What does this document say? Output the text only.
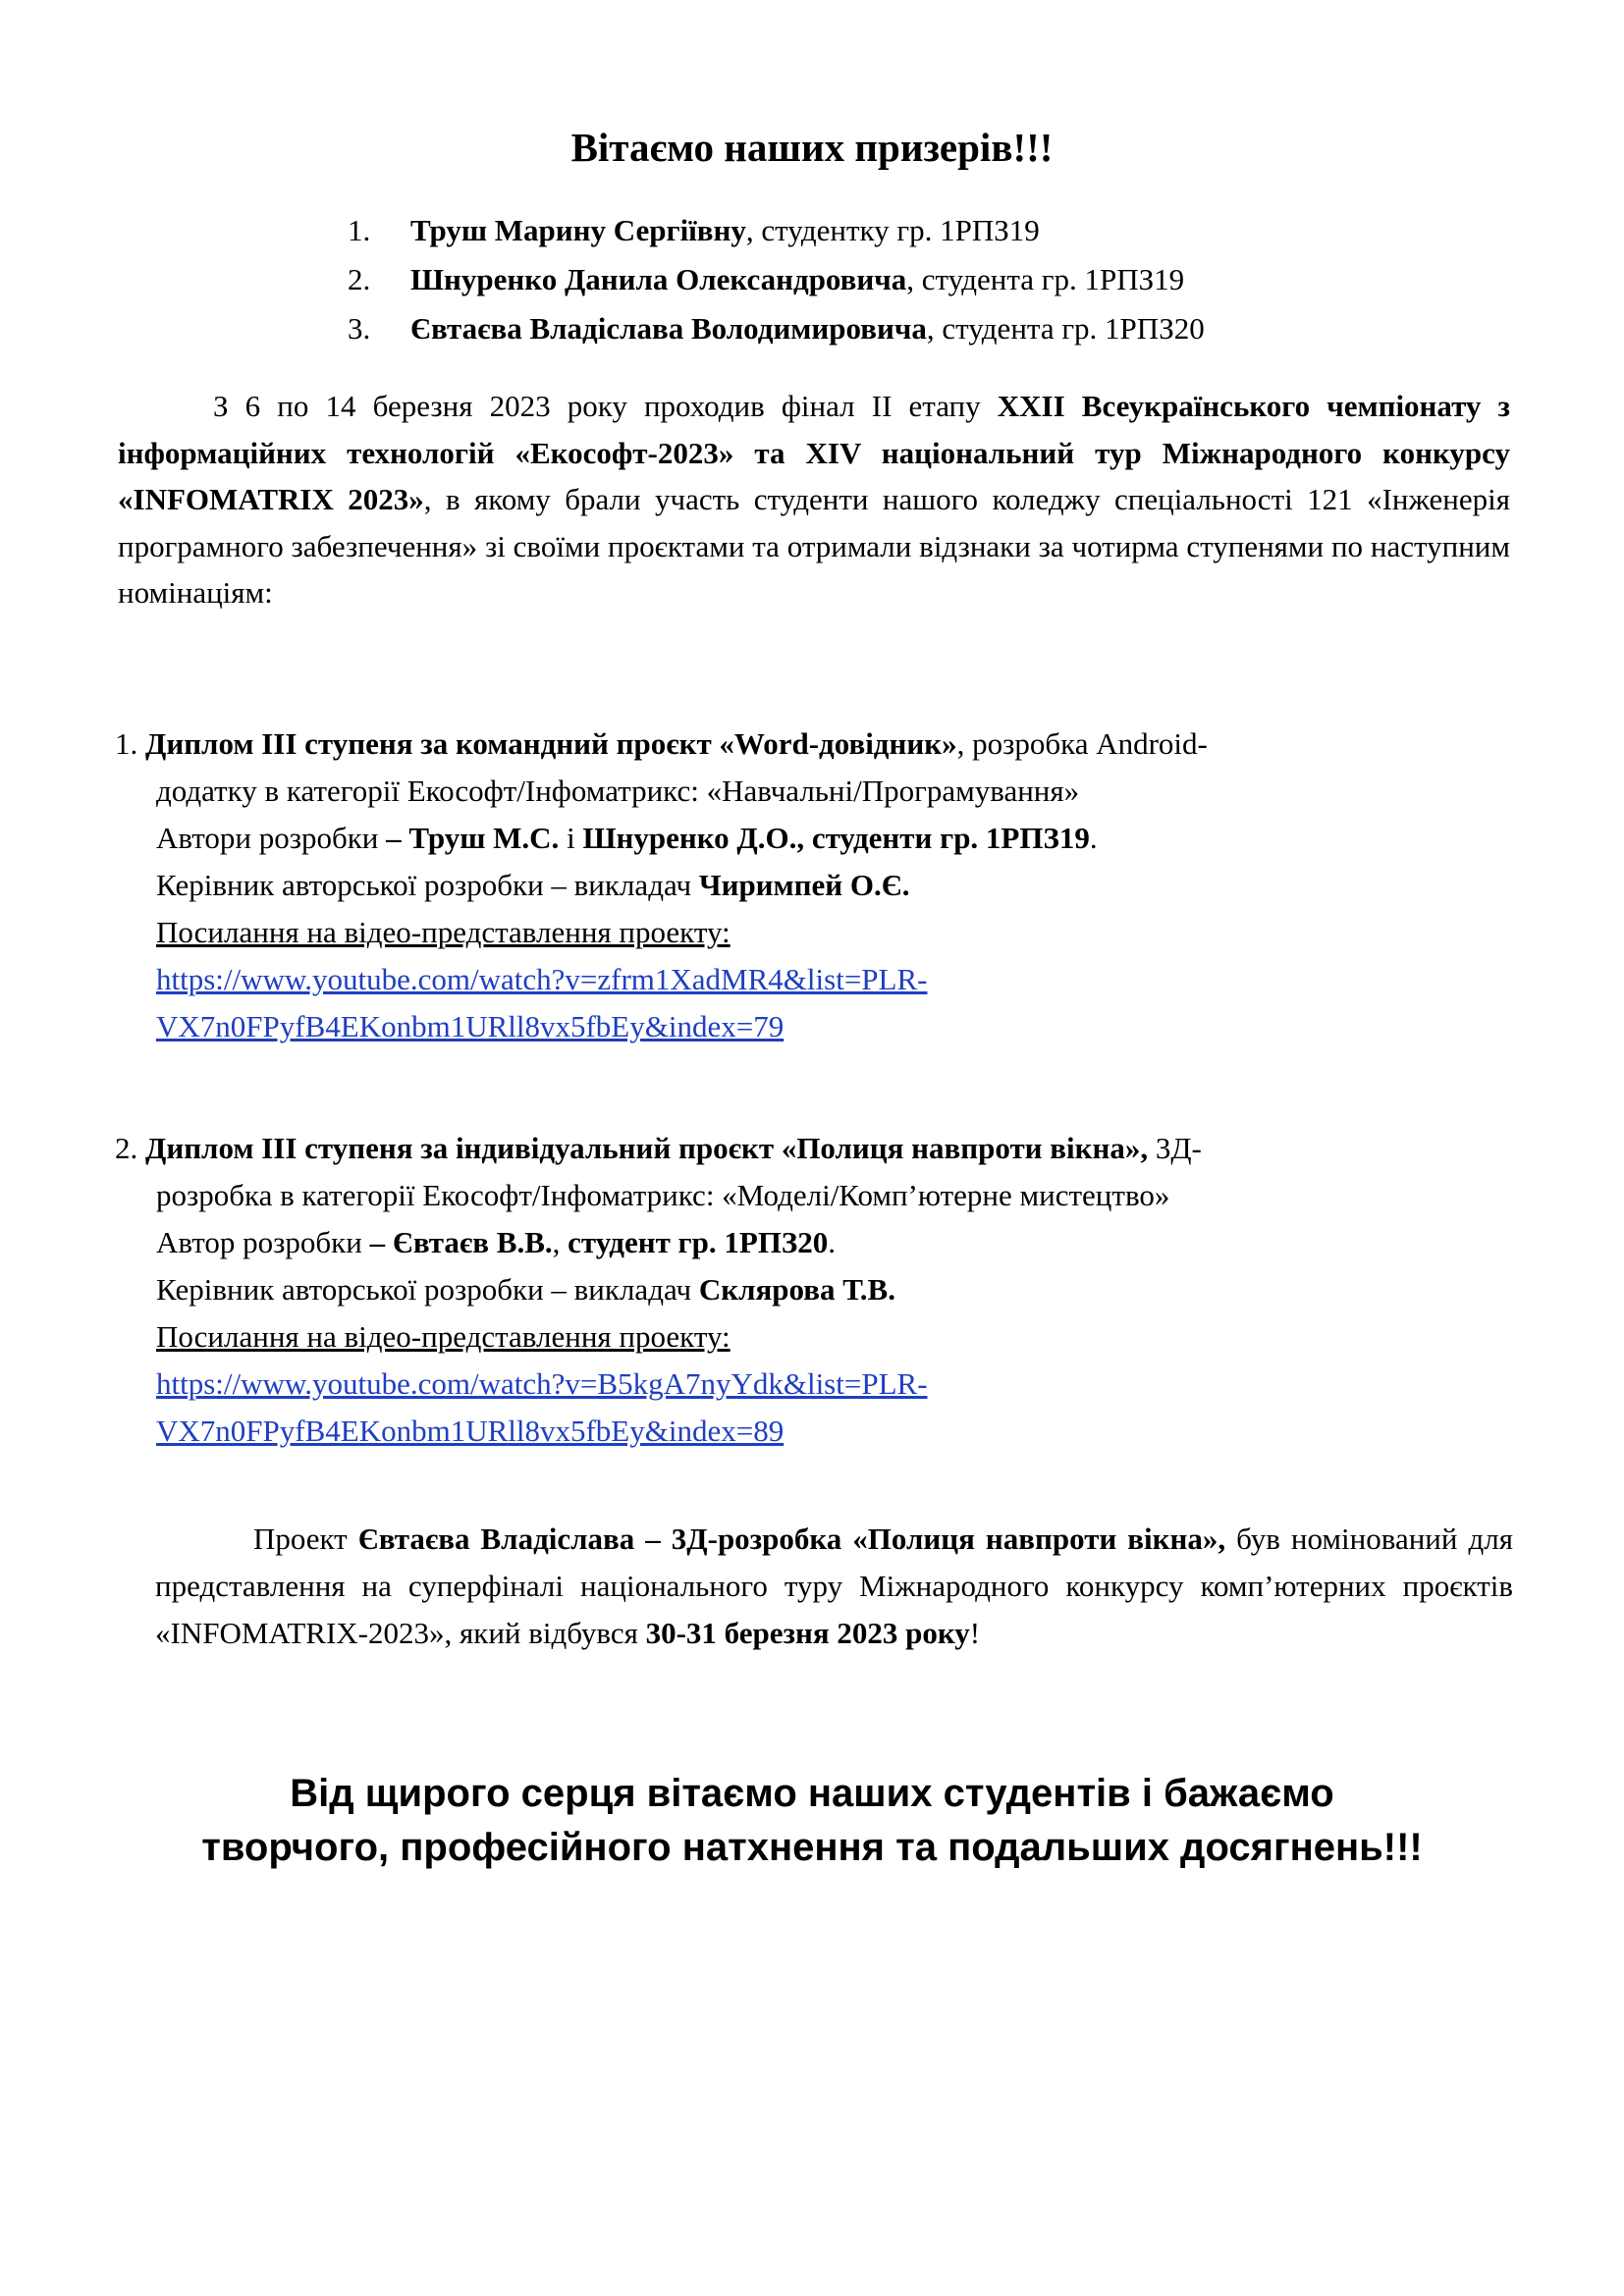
Вітаємо наших призерів!!!
1. Труш Марину Сергіївну, студентку гр. 1РПЗ19
2. Шнуренко Данила Олександровича, студента гр. 1РПЗ19
3. Євтаєва Владіслава Володимировича, студента гр. 1РПЗ20

З 6 по 14 березня 2023 року проходив фінал ІІ етапу ХХІІ Всеукраїнського чемпіонату з інформаційних технологій «Екософт-2023» та ХІV національний тур Міжнародного конкурсу «INFOMATRIX 2023», в якому брали участь студенти нашого коледжу спеціальності 121 «Інженерія програмного забезпечення» зі своїми проєктами та отримали відзнаки за чотирма ступенями по наступним номінаціям:

1. Диплом ІІІ ступеня за командний проєкт «Word-довідник», розробка Android-

додатку в категорії Екософт/Інфоматрикс: «Навчальні/Програмування»

Автори розробки – Труш М.С. і Шнуренко Д.О., студенти гр. 1РПЗ19.

Керівник авторської розробки – викладач Чиримпей О.Є.

Посилання на відео-представлення проекту:

https://www.youtube.com/watch?v=zfrm1XadMR4&list=PLR-
VX7n0FPyfB4EKonbm1URll8vx5fbEy&index=79

2. Диплом ІІІ ступеня за індивідуальний проєкт «Полиця навпроти вікна», 3Д-

розробка в категорії Екософт/Інфоматрикс: «Моделі/Комп’ютерне мистецтво»

Автор розробки – Євтаєв В.В., студент гр. 1РПЗ20.

Керівник авторської розробки – викладач Склярова Т.В.

Посилання на відео-представлення проекту:

https://www.youtube.com/watch?v=B5kgA7nyYdk&list=PLR-
VX7n0FPyfB4EKonbm1URll8vx5fbEy&index=89

Проект Євтаєва Владіслава – 3Д-розробка «Полиця навпроти вікна», був номінований для представлення на суперфіналі національного туру Міжнародного конкурсу комп’ютерних проєктів «INFOMATRIX-2023», який відбувся 30-31 березня 2023 року!

Від щирого серця вітаємо наших студентів і бажаємо
творчого, професійного натхнення та подальших досягнень!!!
